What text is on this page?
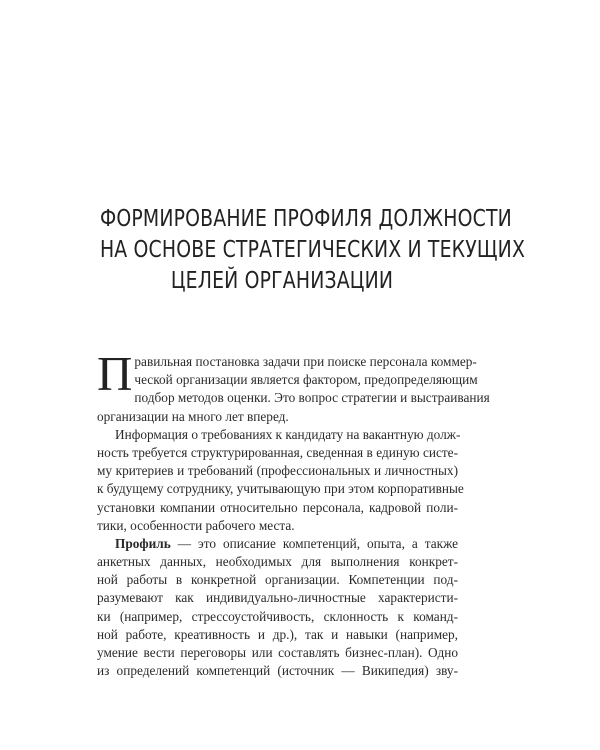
ФОРМИРОВАНИЕ ПРОФИЛЯ ДОЛЖНОСТИ
НА ОСНОВЕ СТРАТЕГИЧЕСКИХ И ТЕКУЩИХ
ЦЕЛЕЙ ОРГАНИЗАЦИИ
П равильная постановка задачи при поиске персонала коммер-
ческой организации является фактором, предопределяющим
подбор методов оценки. Это вопрос стратегии и выстраивания
организации на много лет вперед.
Информация о требованиях к кандидату на вакантную долж-
ность требуется структурированная, сведенная в единую систе-
му критериев и требований (профессиональных и личностных)
к будущему сотруднику, учитывающую при этом корпоративные
установки компании относительно персонала, кадровой поли-
тики, особенности рабочего места.
Профиль — это описание компетенций, опыта, а также
анкетных данных, необходимых для выполнения конкрет-
ной работы в конкретной организации. Компетенции под-
разумевают как индивидуально-личностные характеристи-
ки (например, стрессоустойчивость, склонность к команд-
ной работе, креативность и др.), так и навыки (например,
умение вести переговоры или составлять бизнес-план). Одно
из определений компетенций (источник — Википедия) зву-
